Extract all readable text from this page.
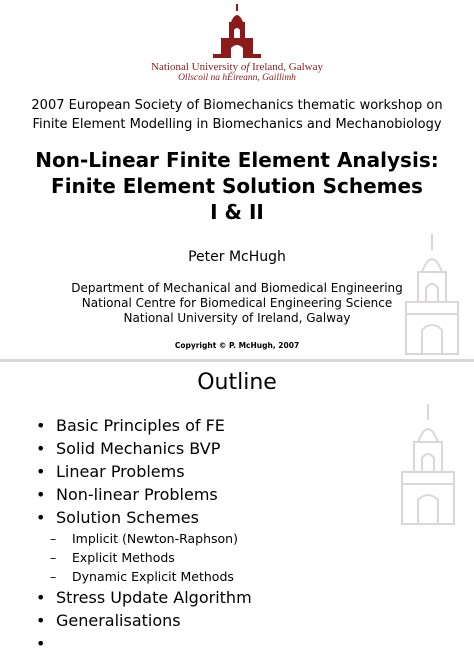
National University of Ireland, Galway
Ollscoil na hÉireann, Gaillimh
2007 European Society of Biomechanics thematic workshop on
Finite Element Modelling in Biomechanics and Mechanobiology
Non-Linear Finite Element Analysis:
Finite Element Solution Schemes
I & II
Peter McHugh
Department of Mechanical and Biomedical Engineering
National Centre for Biomedical Engineering Science
National University of Ireland, Galway
Copyright © P. McHugh, 2007
Outline
• Basic Principles of FE
• Solid Mechanics BVP
• Linear Problems
• Non-linear Problems
• Solution Schemes
– Implicit (Newton-Raphson)
– Explicit Methods
– Dynamic Explicit Methods
• Stress Update Algorithm
• Generalisations
•
